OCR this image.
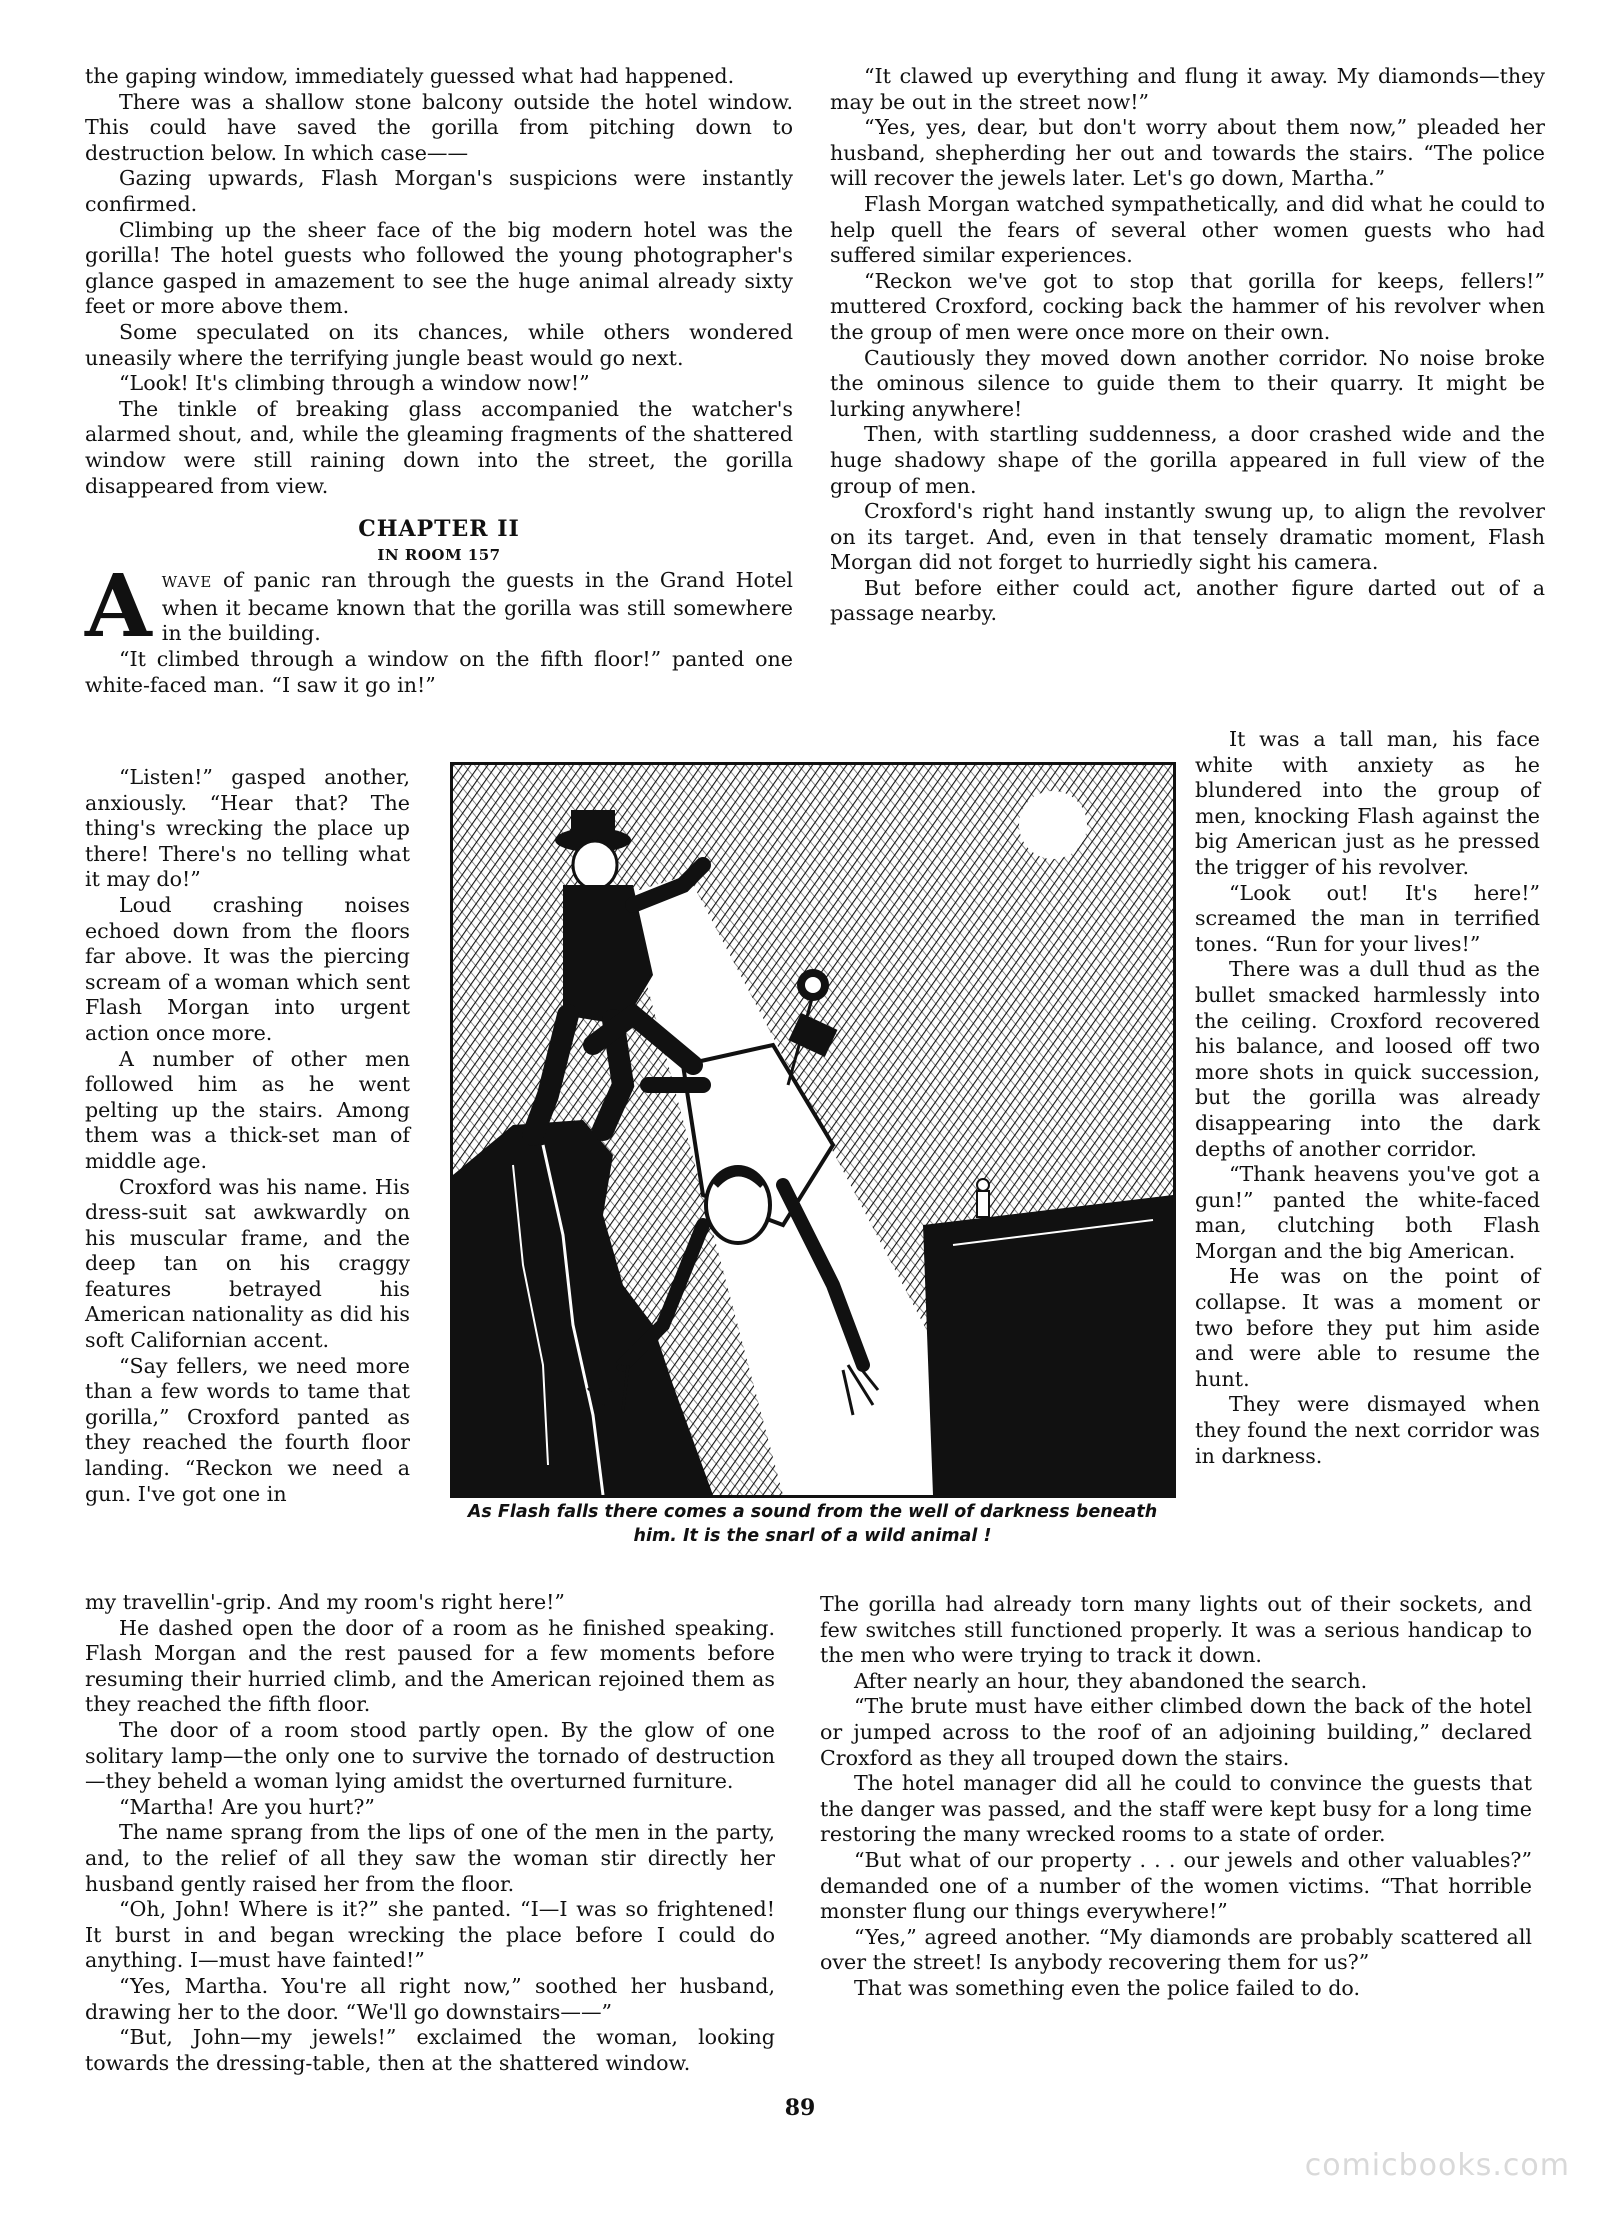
the gaping window, immediately guessed what had happened.

There was a shallow stone balcony outside the hotel window. This could have saved the gorilla from pitching down to destruction below. In which case——

Gazing upwards, Flash Morgan's suspicions were instantly confirmed.

Climbing up the sheer face of the big modern hotel was the gorilla! The hotel guests who followed the young photographer's glance gasped in amazement to see the huge animal already sixty feet or more above them.

Some speculated on its chances, while others wondered uneasily where the terrifying jungle beast would go next.

“Look! It's climbing through a window now!”

The tinkle of breaking glass accompanied the watcher's alarmed shout, and, while the gleaming fragments of the shattered window were still raining down into the street, the gorilla disappeared from view.

CHAPTER II
IN ROOM 157

AWAVE of panic ran through the guests in the Grand Hotel when it became known that the gorilla was still somewhere in the building.

“It climbed through a window on the fifth floor!” panted one white-faced man. “I saw it go in!”

“Listen!” gasped another, anxiously. “Hear that? The thing's wrecking the place up there! There's no telling what it may do!”

Loud crashing noises echoed down from the floors far above. It was the piercing scream of a woman which sent Flash Morgan into urgent action once more.

A number of other men followed him as he went pelting up the stairs. Among them was a thick-set man of middle age.

Croxford was his name. His dress-suit sat awkwardly on his muscular frame, and the deep tan on his craggy features betrayed his American nationality as did his soft Californian accent.

“Say fellers, we need more than a few words to tame that gorilla,” Croxford panted as they reached the fourth floor landing. “Reckon we need a gun. I've got one in

my travellin'-grip. And my room's right here!”

He dashed open the door of a room as he finished speaking. Flash Morgan and the rest paused for a few moments before resuming their hurried climb, and the American rejoined them as they reached the fifth floor.

The door of a room stood partly open. By the glow of one solitary lamp—the only one to survive the tornado of destruction—they beheld a woman lying amidst the overturned furniture.

“Martha! Are you hurt?”

The name sprang from the lips of one of the men in the party, and, to the relief of all they saw the woman stir directly her husband gently raised her from the floor.

“Oh, John! Where is it?” she panted. “I—I was so frightened! It burst in and began wrecking the place before I could do anything. I—must have fainted!”

“Yes, Martha. You're all right now,” soothed her husband, drawing her to the door. “We'll go downstairs——”

“But, John—my jewels!” exclaimed the woman, looking towards the dressing-table, then at the shattered window.

“It clawed up everything and flung it away. My diamonds—they may be out in the street now!”

“Yes, yes, dear, but don't worry about them now,” pleaded her husband, shepherding her out and towards the stairs. “The police will recover the jewels later. Let's go down, Martha.”

Flash Morgan watched sympathetically, and did what he could to help quell the fears of several other women guests who had suffered similar experiences.

“Reckon we've got to stop that gorilla for keeps, fellers!” muttered Croxford, cocking back the hammer of his revolver when the group of men were once more on their own.

Cautiously they moved down another corridor. No noise broke the ominous silence to guide them to their quarry. It might be lurking anywhere!

Then, with startling suddenness, a door crashed wide and the huge shadowy shape of the gorilla appeared in full view of the group of men.

Croxford's right hand instantly swung up, to align the revolver on its target. And, even in that tensely dramatic moment, Flash Morgan did not forget to hurriedly sight his camera.

But before either could act, another figure darted out of a passage nearby.

It was a tall man, his face white with anxiety as he blundered into the group of men, knocking Flash against the big American just as he pressed the trigger of his revolver.

“Look out! It's here!” screamed the man in terrified tones. “Run for your lives!”

There was a dull thud as the bullet smacked harmlessly into the ceiling. Croxford recovered his balance, and loosed off two more shots in quick succession, but the gorilla was already disappearing into the dark depths of another corridor.

“Thank heavens you've got a gun!” panted the white-faced man, clutching both Flash Morgan and the big American.

He was on the point of collapse. It was a moment or two before they put him aside and were able to resume the hunt.

They were dismayed when they found the next corridor was in darkness.

The gorilla had already torn many lights out of their sockets, and few switches still functioned properly. It was a serious handicap to the men who were trying to track it down.

After nearly an hour, they abandoned the search.

“The brute must have either climbed down the back of the hotel or jumped across to the roof of an adjoining building,” declared Croxford as they all trouped down the stairs.

The hotel manager did all he could to convince the guests that the danger was passed, and the staff were kept busy for a long time restoring the many wrecked rooms to a state of order.

“But what of our property . . . our jewels and other valuables?” demanded one of a number of the women victims. “That horrible monster flung our things everywhere!”

“Yes,” agreed another. “My diamonds are probably scattered all over the street! Is anybody recovering them for us?”

That was something even the police failed to do.

As Flash falls there comes a sound from the well of darkness beneath him. It is the snarl of a wild animal !
89
comicbooks.com
